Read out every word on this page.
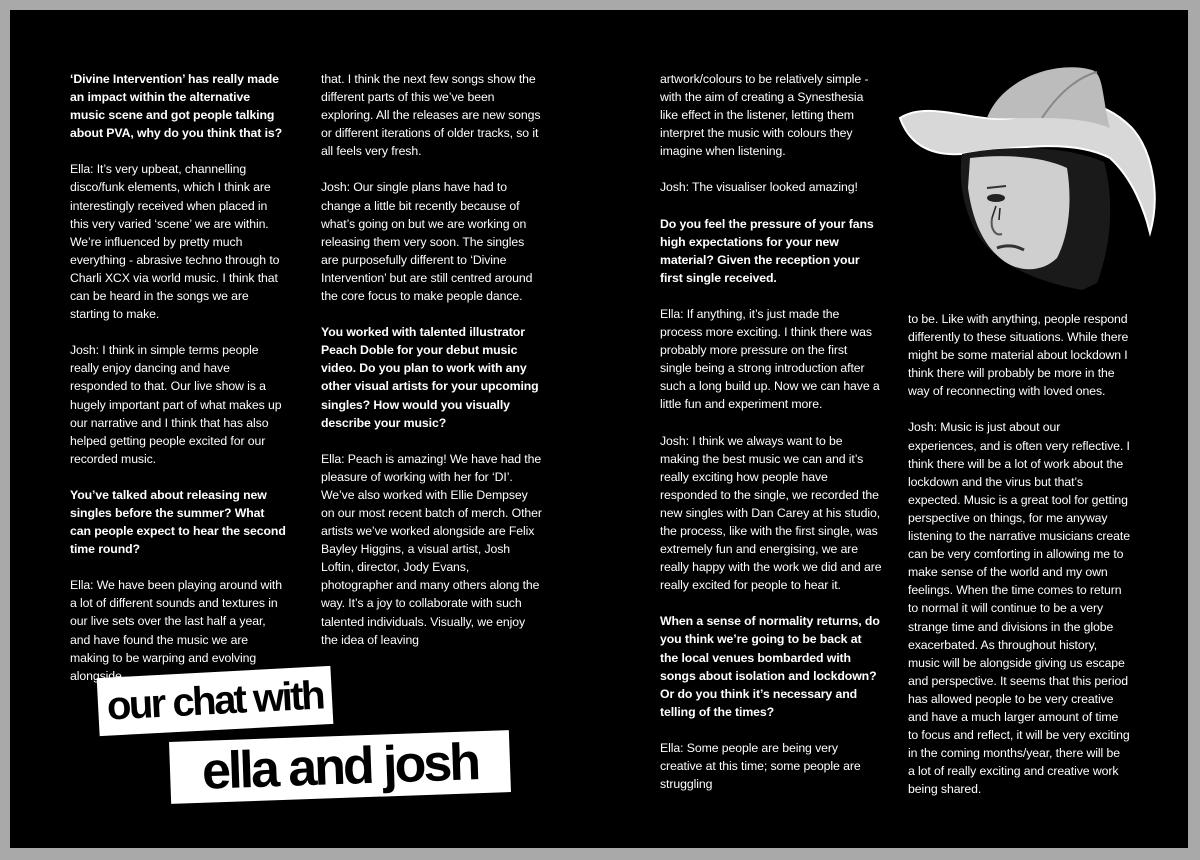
‘Divine Intervention’ has really made an impact within the alternative music scene and got people talking about PVA, why do you think that is?

Ella: It’s very upbeat, channelling disco/funk elements, which I think are interestingly received when placed in this very varied ‘scene’ we are within. We’re influenced by pretty much everything - abrasive techno through to Charli XCX via world music. I think that can be heard in the songs we are starting to make.

Josh: I think in simple terms people really enjoy dancing and have responded to that. Our live show is a hugely important part of what makes up our narrative and I think that has also helped getting people excited for our recorded music.

You’ve talked about releasing new singles before the summer? What can people expect to hear the second time round?

Ella: We have been playing around with a lot of different sounds and textures in our live sets over the last half a year, and have found the music we are making to be warping and evolving alongside

that. I think the next few songs show the different parts of this we’ve been exploring. All the releases are new songs or different iterations of older tracks, so it all feels very fresh.

Josh: Our single plans have had to change a little bit recently because of what’s going on but we are working on releasing them very soon. The singles are purposefully different to ‘Divine Intervention’ but are still centred around the core focus to make people dance.

You worked with talented illustrator Peach Doble for your debut music video. Do you plan to work with any other visual artists for your upcoming singles? How would you visually describe your music?

Ella: Peach is amazing! We have had the pleasure of working with her for ‘DI’. We’ve also worked with Ellie Dempsey on our most recent batch of merch. Other artists we’ve worked alongside are Felix Bayley Higgins, a visual artist, Josh Loftin, director, Jody Evans, photographer and many others along the way. It’s a joy to collaborate with such talented individuals. Visually, we enjoy the idea of leaving

artwork/colours to be relatively simple - with the aim of creating a Synesthesia like effect in the listener, letting them interpret the music with colours they imagine when listening.

Josh: The visualiser looked amazing!

Do you feel the pressure of your fans high expectations for your new material? Given the reception your first single received.

Ella: If anything, it’s just made the process more exciting. I think there was probably more pressure on the first single being a strong introduction after such a long build up. Now we can have a little fun and experiment more.

Josh: I think we always want to be making the best music we can and it’s really exciting how people have responded to the single, we recorded the new singles with Dan Carey at his studio, the process, like with the first single, was extremely fun and energising, we are really happy with the work we did and are really excited for people to hear it.

When a sense of normality returns, do you think we’re going to be back at the local venues bombarded with songs about isolation and lockdown? Or do you think it’s necessary and telling of the times?

Ella: Some people are being very creative at this time; some people are struggling

to be. Like with anything, people respond differently to these situations. While there might be some material about lockdown I think there will probably be more in the way of reconnecting with loved ones.

Josh: Music is just about our experiences, and is often very reflective. I think there will be a lot of work about the lockdown and the virus but that’s expected. Music is a great tool for getting perspective on things, for me anyway listening to the narrative musicians create can be very comforting in allowing me to make sense of the world and my own feelings. When the time comes to return to normal it will continue to be a very strange time and divisions in the globe exacerbated. As throughout history, music will be alongside giving us escape and perspective. It seems that this period has allowed people to be very creative and have a much larger amount of time to focus and reflect, it will be very exciting in the coming months/year, there will be a lot of really exciting and creative work being shared.

our chat with
ella and josh
